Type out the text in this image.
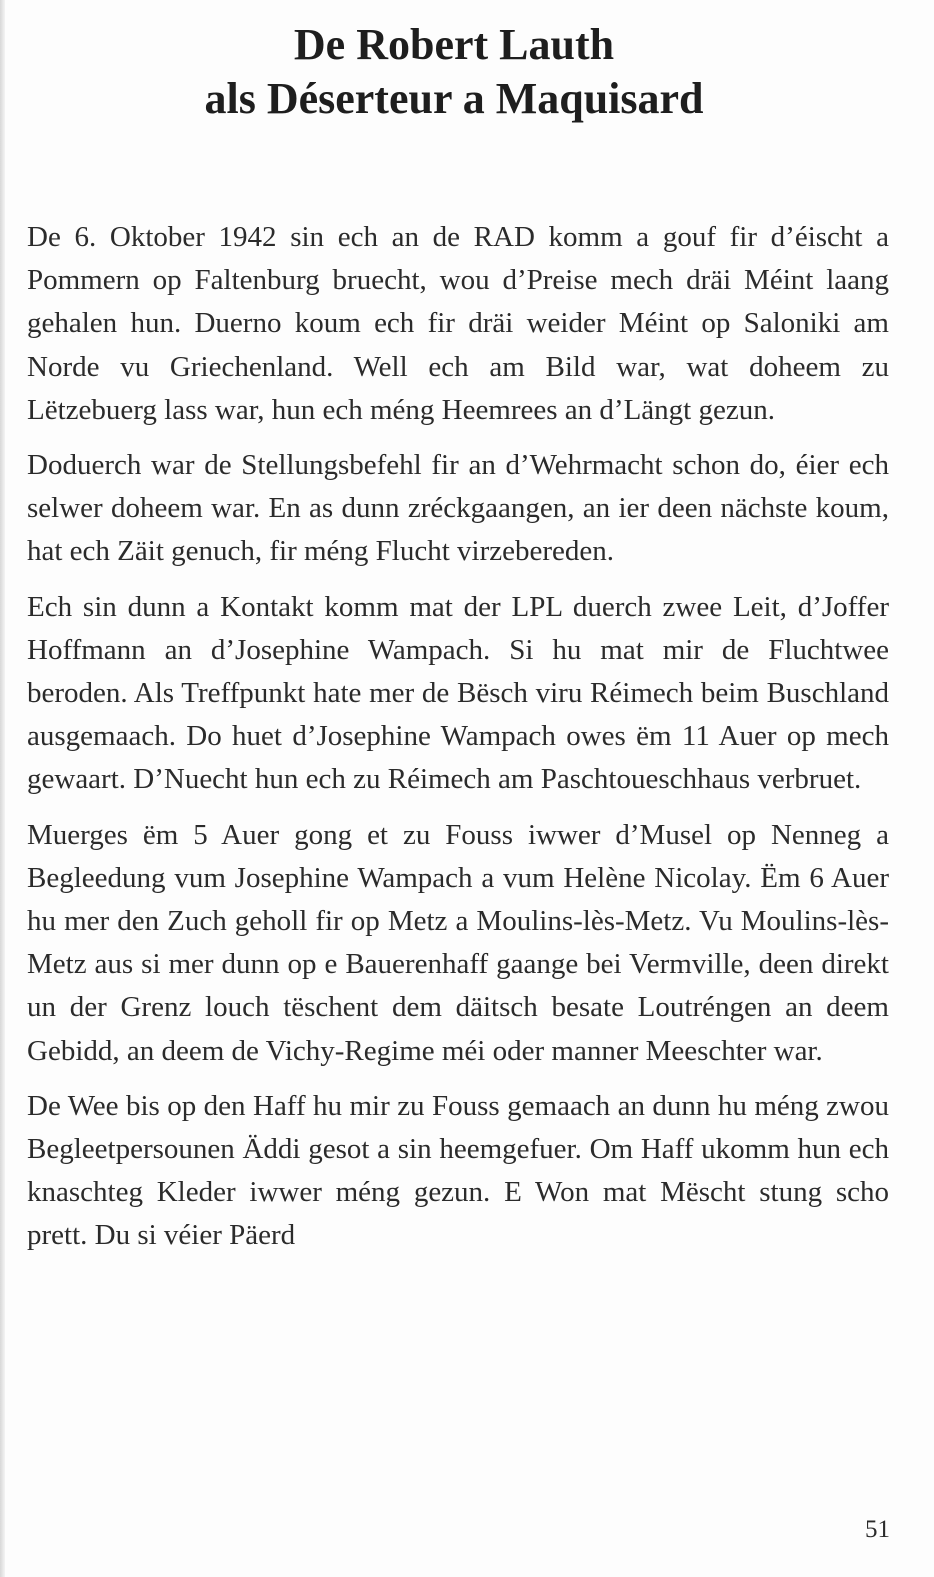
De Robert Lauth
als Déserteur a Maquisard

De 6. Oktober 1942 sin ech an de RAD komm a gouf fir d’éischt a Pommern op Faltenburg bruecht, wou d’Preise mech dräi Méint laang gehalen hun. Duerno koum ech fir dräi weider Méint op Saloniki am Norde vu Griechenland. Well ech am Bild war, wat doheem zu Lëtzebuerg lass war, hun ech méng Heemrees an d’Längt gezun.

Doduerch war de Stellungsbefehl fir an d’Wehrmacht schon do, éier ech selwer doheem war. En as dunn zréckgaangen, an ier deen nächste koum, hat ech Zäit genuch, fir méng Flucht virzebereden.

Ech sin dunn a Kontakt komm mat der LPL duerch zwee Leit, d’Joffer Hoffmann an d’Josephine Wampach. Si hu mat mir de Fluchtwee beroden. Als Treffpunkt hate mer de Bësch viru Réimech beim Buschland ausgemaach. Do huet d’Josephine Wampach owes ëm 11 Auer op mech gewaart. D’Nuecht hun ech zu Réimech am Paschtoueschhaus verbruet.

Muerges ëm 5 Auer gong et zu Fouss iwwer d’Musel op Nenneg a Begleedung vum Josephine Wampach a vum Helène Nicolay. Ëm 6 Auer hu mer den Zuch geholl fir op Metz a Moulins-lès-Metz. Vu Moulins-lès-Metz aus si mer dunn op e Bauerenhaff gaange bei Vermville, deen direkt un der Grenz louch tëschent dem däitsch besate Loutréngen an deem Gebidd, an deem de Vichy-Regime méi oder manner Meeschter war.

De Wee bis op den Haff hu mir zu Fouss gemaach an dunn hu méng zwou Begleetpersounen Äddi gesot a sin heemgefuer. Om Haff ukomm hun ech knaschteg Kleder iwwer méng gezun. E Won mat Mëscht stung scho prett. Du si véier Päerd

51
